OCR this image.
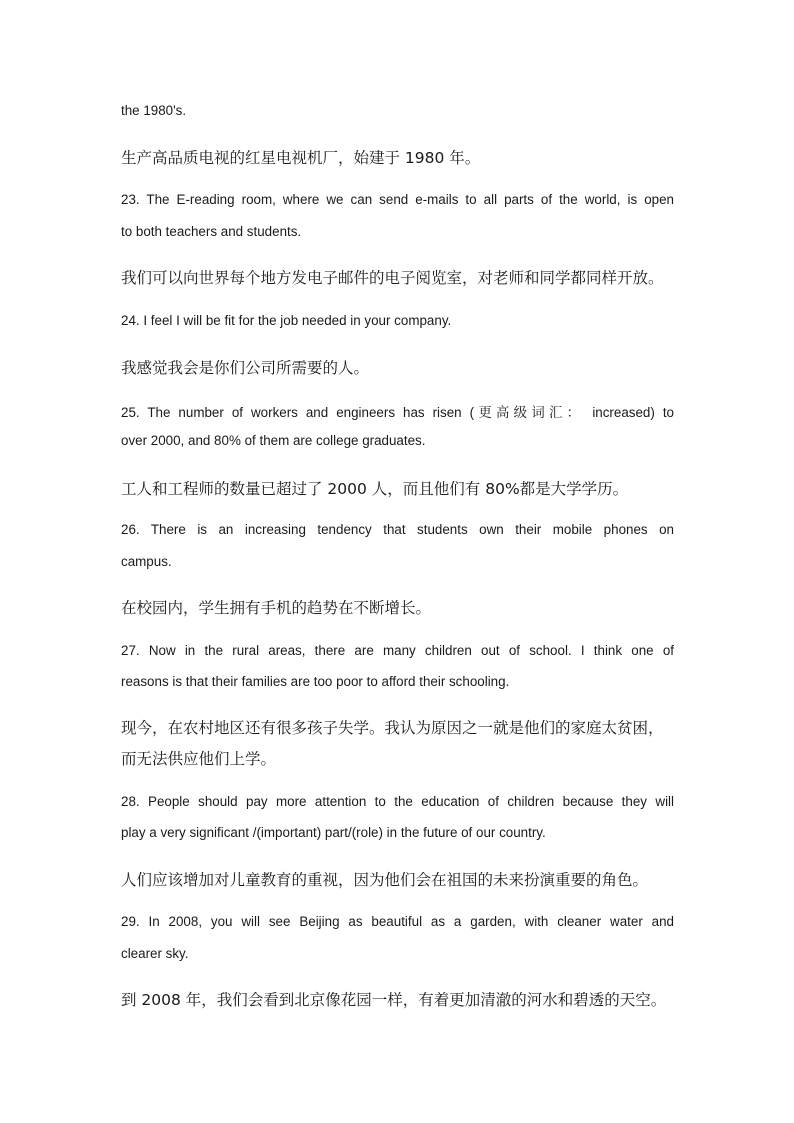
the 1980's.

生产高品质电视的红星电视机厂，始建于 1980 年。

23. The E-reading room, where we can send e-mails to all parts of the world, is open

to both teachers and students.

我们可以向世界每个地方发电子邮件的电子阅览室，对老师和同学都同样开放。

24. I feel I will be fit for the job needed in your company.

我感觉我会是你们公司所需要的人。

25. The number of workers and engineers has risen (更高级词汇： increased) to

over 2000, and 80% of them are college graduates.

工人和工程师的数量已超过了 2000 人，而且他们有 80%都是大学学历。

26. There is an increasing tendency that students own their mobile phones on

campus.

在校园内，学生拥有手机的趋势在不断增长。

27. Now in the rural areas, there are many children out of school. I think one of

reasons is that their families are too poor to afford their schooling.

现今，在农村地区还有很多孩子失学。我认为原因之一就是他们的家庭太贫困，

而无法供应他们上学。

28. People should pay more attention to the education of children because they will

play a very significant /(important) part/(role) in the future of our country.

人们应该增加对儿童教育的重视，因为他们会在祖国的未来扮演重要的角色。

29. In 2008, you will see Beijing as beautiful as a garden, with cleaner water and

clearer sky.

到 2008 年，我们会看到北京像花园一样，有着更加清澈的河水和碧透的天空。
